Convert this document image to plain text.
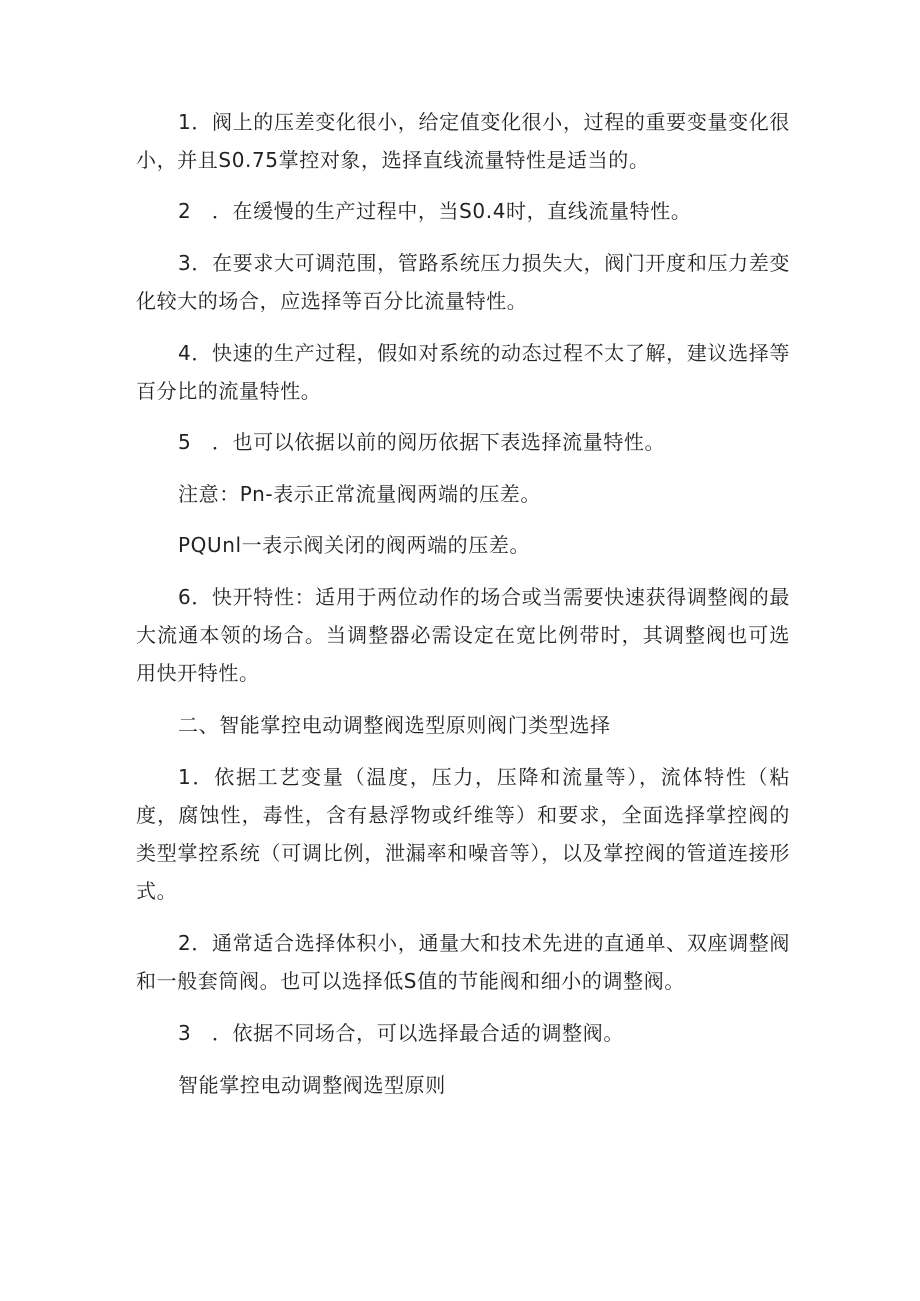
1．阀上的压差变化很小，给定值变化很小，过程的重要变量变化很小，并且S0.75掌控对象，选择直线流量特性是适当的。

2　．在缓慢的生产过程中，当S0.4时，直线流量特性。

3．在要求大可调范围，管路系统压力损失大，阀门开度和压力差变化较大的场合，应选择等百分比流量特性。

4．快速的生产过程，假如对系统的动态过程不太了解，建议选择等百分比的流量特性。

5　．也可以依据以前的阅历依据下表选择流量特性。

注意：Pn-表示正常流量阀两端的压差。

PQUnl一表示阀关闭的阀两端的压差。

6．快开特性：适用于两位动作的场合或当需要快速获得调整阀的最大流通本领的场合。当调整器必需设定在宽比例带时，其调整阀也可选用快开特性。

二、智能掌控电动调整阀选型原则阀门类型选择

1．依据工艺变量（温度，压力，压降和流量等），流体特性（粘度，腐蚀性，毒性，含有悬浮物或纤维等）和要求，全面选择掌控阀的类型掌控系统（可调比例，泄漏率和噪音等），以及掌控阀的管道连接形式。

2．通常适合选择体积小，通量大和技术先进的直通单、双座调整阀和一般套筒阀。也可以选择低S值的节能阀和细小的调整阀。

3　．依据不同场合，可以选择最合适的调整阀。

智能掌控电动调整阀选型原则
